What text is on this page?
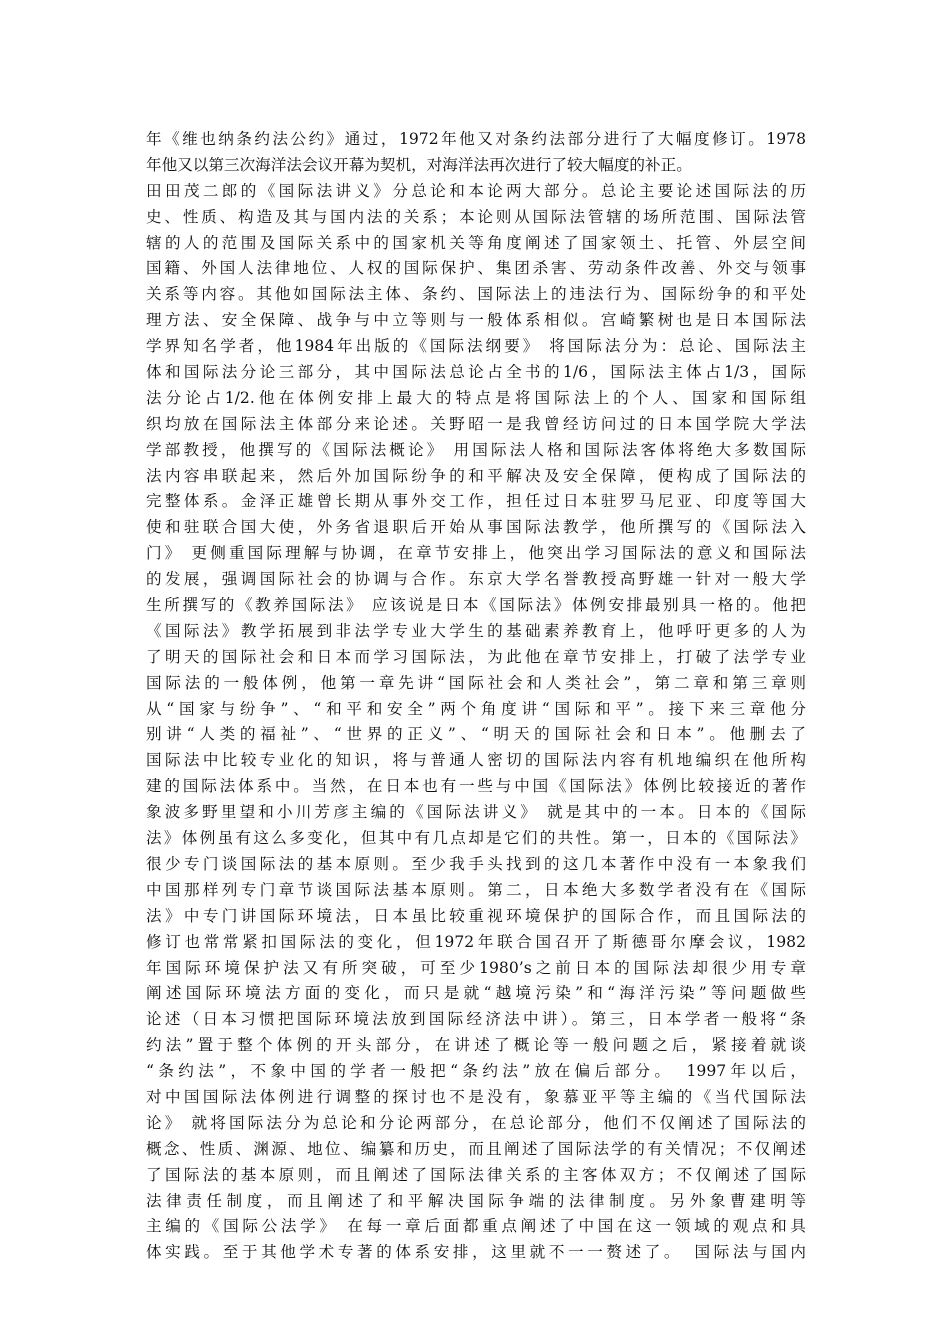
年《维也纳条约法公约》通过，1972年他又对条约法部分进行了大幅度修订。1978
年他又以第三次海洋法会议开幕为契机，对海洋法再次进行了较大幅度的补正。
田田茂二郎的《国际法讲义》分总论和本论两大部分。总论主要论述国际法的历
史、性质、构造及其与国内法的关系；本论则从国际法管辖的场所范围、国际法管
辖的人的范围及国际关系中的国家机关等角度阐述了国家领土、托管、外层空间
国籍、外国人法律地位、人权的国际保护、集团杀害、劳动条件改善、外交与领事
关系等内容。其他如国际法主体、条约、国际法上的违法行为、国际纷争的和平处
理方法、安全保障、战争与中立等则与一般体系相似。宫崎繁树也是日本国际法
学界知名学者，他1984年出版的《国际法纲要》 将国际法分为：总论、国际法主
体和国际法分论三部分，其中国际法总论占全书的1/6，国际法主体占1/3，国际
法分论占1/2.他在体例安排上最大的特点是将国际法上的个人、国家和国际组
织均放在国际法主体部分来论述。关野昭一是我曾经访问过的日本国学院大学法
学部教授，他撰写的《国际法概论》 用国际法人格和国际法客体将绝大多数国际
法内容串联起来，然后外加国际纷争的和平解决及安全保障，便构成了国际法的
完整体系。金泽正雄曾长期从事外交工作，担任过日本驻罗马尼亚、印度等国大
使和驻联合国大使，外务省退职后开始从事国际法教学，他所撰写的《国际法入
门》 更侧重国际理解与协调，在章节安排上，他突出学习国际法的意义和国际法
的发展，强调国际社会的协调与合作。东京大学名誉教授高野雄一针对一般大学
生所撰写的《教养国际法》 应该说是日本《国际法》体例安排最别具一格的。他把
《国际法》教学拓展到非法学专业大学生的基础素养教育上，他呼吁更多的人为
了明天的国际社会和日本而学习国际法，为此他在章节安排上，打破了法学专业
国际法的一般体例，他第一章先讲“国际社会和人类社会”，第二章和第三章则
从“国家与纷争”、“和平和安全”两个角度讲“国际和平”。接下来三章他分
别讲“人类的福祉”、“世界的正义”、“明天的国际社会和日本”。他删去了
国际法中比较专业化的知识，将与普通人密切的国际法内容有机地编织在他所构
建的国际法体系中。当然，在日本也有一些与中国《国际法》体例比较接近的著作
象波多野里望和小川芳彦主编的《国际法讲义》 就是其中的一本。日本的《国际
法》体例虽有这么多变化，但其中有几点却是它们的共性。第一，日本的《国际法》
很少专门谈国际法的基本原则。至少我手头找到的这几本著作中没有一本象我们
中国那样列专门章节谈国际法基本原则。第二，日本绝大多数学者没有在《国际
法》中专门讲国际环境法，日本虽比较重视环境保护的国际合作，而且国际法的
修订也常常紧扣国际法的变化，但1972年联合国召开了斯德哥尔摩会议，1982
年国际环境保护法又有所突破，可至少1980’s之前日本的国际法却很少用专章
阐述国际环境法方面的变化，而只是就“越境污染”和“海洋污染”等问题做些
论述（日本习惯把国际环境法放到国际经济法中讲）。第三，日本学者一般将“条
约法”置于整个体例的开头部分，在讲述了概论等一般问题之后，紧接着就谈
“条约法”，不象中国的学者一般把“条约法”放在偏后部分。　1997年以后，
对中国国际法体例进行调整的探讨也不是没有，象慕亚平等主编的《当代国际法
论》 就将国际法分为总论和分论两部分，在总论部分，他们不仅阐述了国际法的
概念、性质、渊源、地位、编纂和历史，而且阐述了国际法学的有关情况；不仅阐述
了国际法的基本原则，而且阐述了国际法律关系的主客体双方；不仅阐述了国际
法律责任制度，而且阐述了和平解决国际争端的法律制度。另外象曹建明等
主编的《国际公法学》 在每一章后面都重点阐述了中国在这一领域的观点和具
体实践。至于其他学术专著的体系安排，这里就不一一赘述了。　国际法与国内
